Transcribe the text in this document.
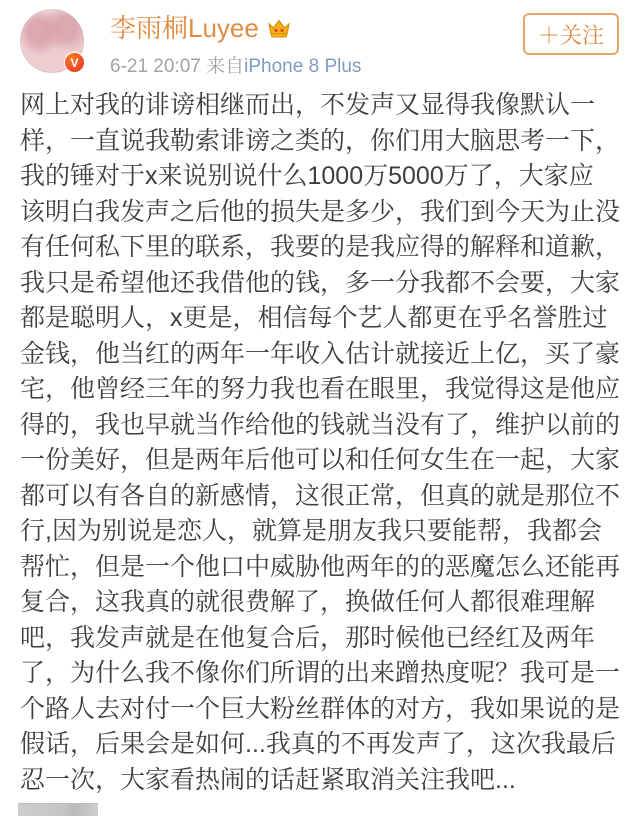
V
李雨桐Luyee
6-21 20:07 来自iPhone 8 Plus
＋关注
网上对我的诽谤相继而出，不发声又显得我像默认一
样，一直说我勒索诽谤之类的，你们用大脑思考一下，
我的锤对于x来说别说什么1000万5000万了，大家应
该明白我发声之后他的损失是多少，我们到今天为止没
有任何私下里的联系，我要的是我应得的解释和道歉，
我只是希望他还我借他的钱，多一分我都不会要，大家
都是聪明人，x更是，相信每个艺人都更在乎名誉胜过
金钱，他当红的两年一年收入估计就接近上亿，买了豪
宅，他曾经三年的努力我也看在眼里，我觉得这是他应
得的，我也早就当作给他的钱就当没有了，维护以前的
一份美好，但是两年后他可以和任何女生在一起，大家
都可以有各自的新感情，这很正常，但真的就是那位不
行,因为别说是恋人，就算是朋友我只要能帮，我都会
帮忙，但是一个他口中威胁他两年的的恶魔怎么还能再
复合，这我真的就很费解了，换做任何人都很难理解
吧，我发声就是在他复合后，那时候他已经红及两年
了，为什么我不像你们所谓的出来蹭热度呢？我可是一
个路人去对付一个巨大粉丝群体的对方，我如果说的是
假话，后果会是如何...我真的不再发声了，这次我最后
忍一次，大家看热闹的话赶紧取消关注我吧...
